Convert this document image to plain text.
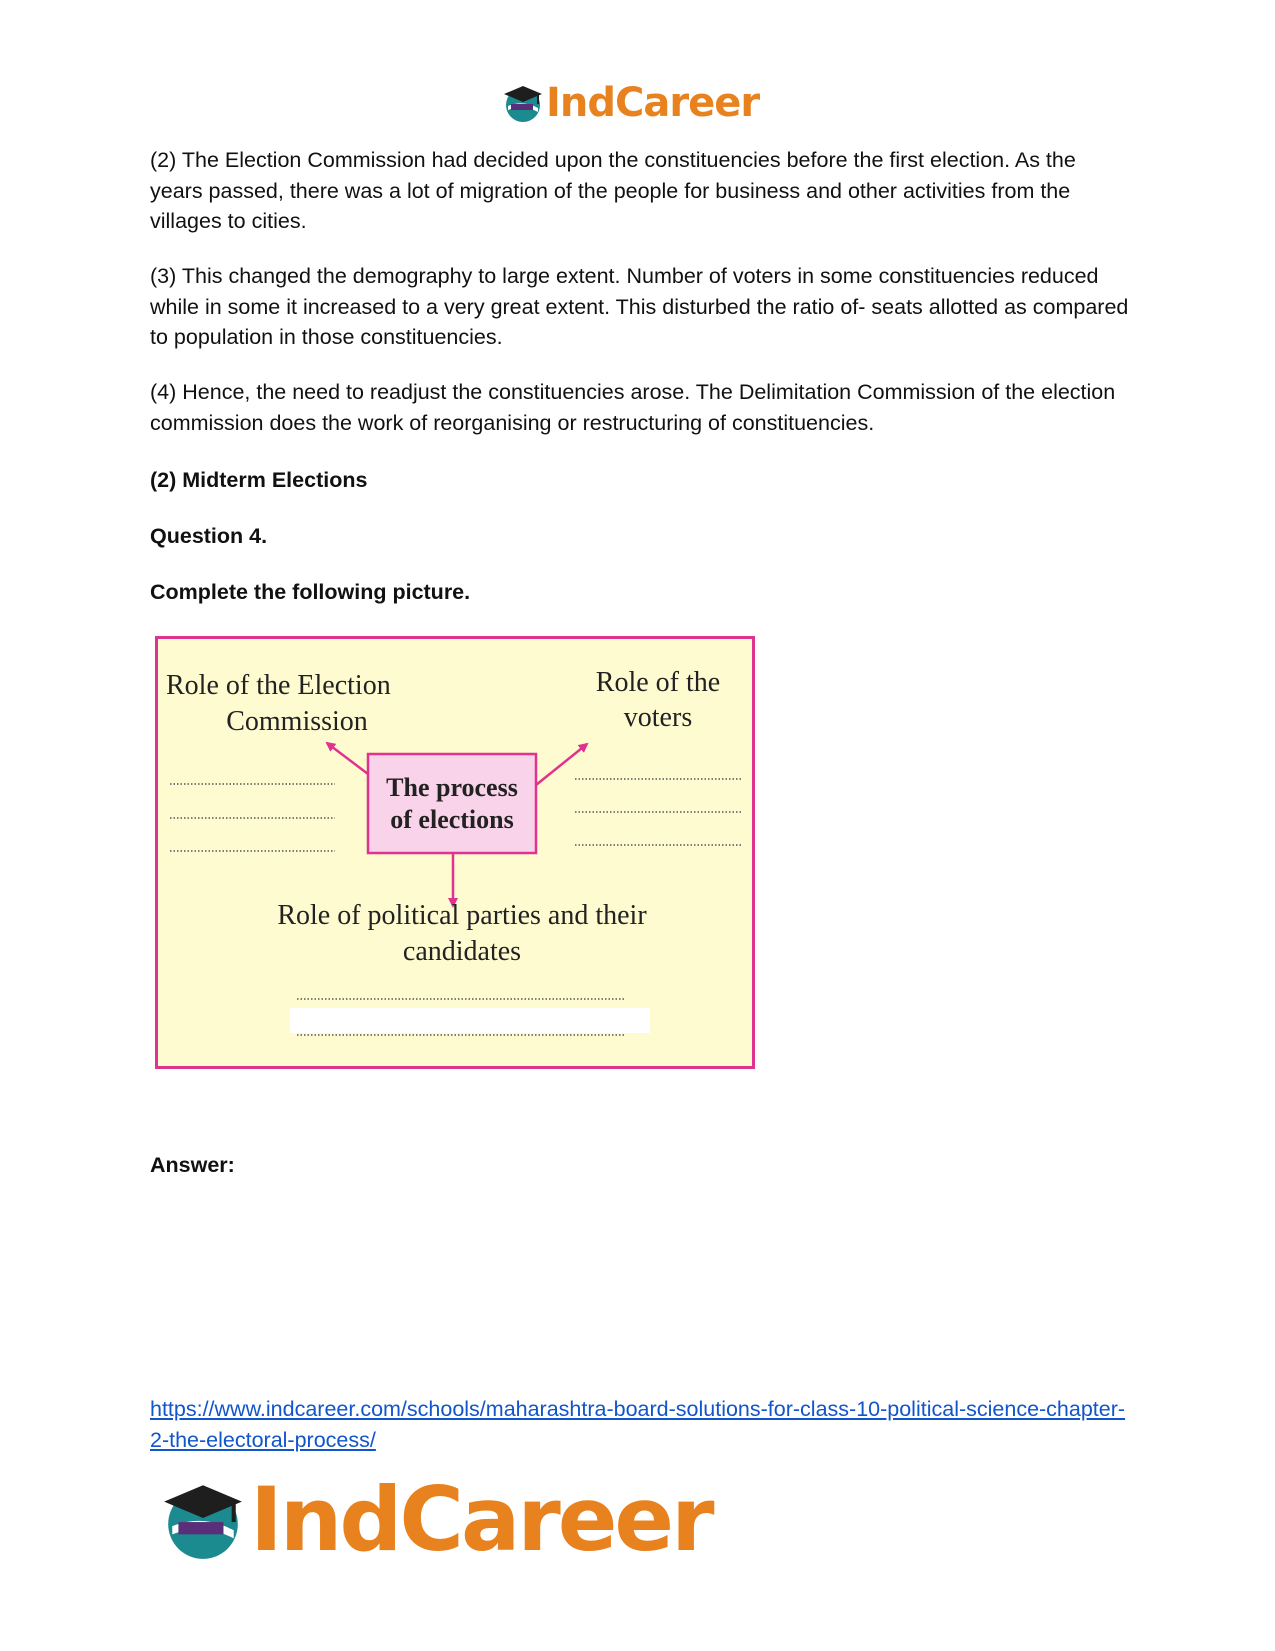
IndCareer

(2) The Election Commission had decided upon the constituencies before the first election. As the years passed, there was a lot of migration of the people for business and other activities from the villages to cities.

(3) This changed the demography to large extent. Number of voters in some constituencies reduced while in some it increased to a very great extent. This disturbed the ratio of- seats allotted as compared to population in those constituencies.

(4) Hence, the need to readjust the constituencies arose. The Delimitation Commission of the election commission does the work of reorganising or restructuring of constituencies.

(2) Midterm Elections

Question 4.

Complete the following picture.

Role of the Election
Commission
Role of the
voters
The process
of elections
Role of political parties and their
candidates

Answer:

https://www.indcareer.com/schools/maharashtra-board-solutions-for-class-10-political-science-chapter-2-the-electoral-process/
IndCareer
